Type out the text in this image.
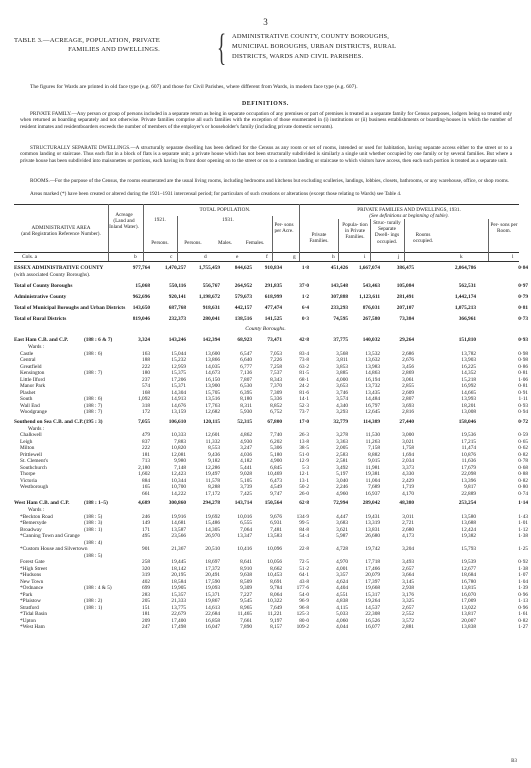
3
TABLE 3.—ACREAGE, POPULATION, PRIVATE
FAMILIES AND DWELLINGS.	{ ADMINISTRATIVE COUNTY, COUNTY BOROUGHS,
MUNICIPAL BOROUGHS, URBAN DISTRICTS, RURAL
DISTRICTS, WARDS AND CIVIL PARISHES.
The figures for Wards are printed in old face type (e.g. 607) and those for Civil Parishes, where different from Wards, in modern face type (e.g. 607).
DEFINITIONS.
PRIVATE FAMILY.—Any person or group of persons included in a separate return as being in separate occupation of any premises or part of premises is treated as a separate family for Census purposes, lodgers being so treated only when returned as boarding separately and not otherwise. Private families comprise all such families with the exception of those enumerated in (i) institutions or (ii) business establishments or boarding-houses in which the number of resident inmates and residentboarders exceeds the number of members of the employer's or householder's family (including private domestic servants).
STRUCTURALLY SEPARATE DWELLINGS.—A structurally separate dwelling has been defined for the Census as any room or set of rooms, intended or used for habitation, having separate access either to the street or to a common landing or staircase. Thus each flat in a block of flats is a separate unit; a private house which has not been structurally subdivided is similarly a single unit whether occupied by one family or by several families. But where a private house has been subdivided into maisonettes or portions, each having its front door opening on to the street or on to a common landing or staircase to which visitors have access, then each such portion is treated as a separate unit.
ROOMS.—For the purpose of the Census, the rooms enumerated are the usual living rooms, including bedrooms and kitchens but excluding sculleries, landings, lobbies, closets, bathrooms, or any warehouse, office, or shop rooms.
Areas marked (*) have been created or altered during the 1921–1931 intercensal period; for particulars of such creations or alterations (except those relating to Wards) see Table 4.
ADMINISTRATIVE AREA
(and Registration Reference Number).
Acreage (Land and Inland Water).
TOTAL POPULATION.
1921.	1931.
Persons.	Persons.	Males.	Females.
Per- sons per Acre.
PRIVATE FAMILIES AND DWELLINGS, 1931.
(See definitions at beginning of table).
Private Families.
Popula- tion in Private Families.
Struc- turally Separate Dwell- ings occupied.
Rooms occupied.
Per- sons per Room.
Cols. a	b	c	d	e	f	g	h	i	j	k	l
ESSEX ADMINISTRATIVE COUNTY	977,764	1,470,257 1,755,459	844,625 910,834	1·8	451,426 1,667,074	386,475	2,064,786	0·84
(with associated County Boroughs).
Total of County Boroughs	15,068	550,116	556,767	264,952 291,835	37·0	143,548	543,463	105,084	562,531	0·97
Administrative County	962,696	920,141 1,198,672	579,673 618,999	1·2	307,888 1,123,611	281,491	1,442,174	0·79
Total of Municipal Boroughs and Urban Districts 143,650	687,768	918,631	442,157 477,474	6·4	233,293	876,031	207,107	1,075,213	0·81
Total of Rural Districts	819,046	232,373	280,041	138,516 141,525	0·3	74,595	267,580	73,384	366,961	0·73
County Boroughs.
East Ham C.B. and C.P.	(188 : 6 & 7)	3,324	143,246	142,394	68,923	73,471	42·8	37,775	140,032	29,264	151,810	0·93
Wards :
Castle	(188 : 6)	163	15,044	13,600	6,547	7,053	83·4	3,568	13,532	2,686	13,782	0·98
Central	188	15,232	13,866	6,640	7,226	73·8	3,811	13,632	2,676	13,903	0·98
Greatfield	222	12,959	14,035	6,777	7,258	63·2	3,853	13,983	3,456	16,225	0·86
Kensington	(188 : 7)	180	15,375	14,673	7,136	7,537	81·5	3,885	14,863	2,869	14,352	0·81
Little Ilford	237	17,206	16,150	7,807	8,343	68·1	4,000	16,194	3,061	15,218	1·06
Manor Park	574	15,371	13,900	6,530	7,370	24·2	3,653	13,732	2,855	16,992	0·81
Plashet	168	14,304	15,705	6,395	7,309	81·6	3,746	13,435	2,609	14,665	0·91
South	(188 : 6)	1,092	14,913	13,516	8,180	5,336	14·1	3,574	14,484	2,807	13,993	1·11
Wall End	(188 : 7)	318	14,676	17,763	8,311	8,852	52·3	4,340	16,797	3,693	18,201	0·93
Woodgrange	(188 : 7)	172	13,159	12,682	5,930	6,752	73·7	3,293	12,645	2,816	13,008	0·94
Southend on Sea C.B. and C.P. (195 : 3)	7,055	106,610	120,115	52,315	67,800	17·0	32,779	114,389	27,440	158,046	0·72
Wards :
Chalkwell	479	10,333	12,601	4,862	7,740	26·3	3,278	11,530	3,000	19,536	0·59
Leigh	837	7,883	11,332	4,930	6,202	13·8	3,363	11,263	3,021	17,215	0·65
Milton	222	10,820	8,553	3,247	5,306	38·5	2,005	7,158	1,758	11,474	0·62
Prittlewell	181	12,081	9,436	4,036	5,180	51·0	2,583	8,882	1,694	10,876	0·82
St. Clement's	713	9,980	9,182	4,182	4,900	12·9	2,581	9,015	2,034	11,636	0·78
Southchurch	2,180	7,148	12,286	5,441	6,845	5·3	3,492	11,981	3,373	17,679	0·68
Thorpe	1,602	12,423	19,497	9,028	10,469	12·1	5,197	19,381	4,330	22,098	0·88
Victoria	884	10,344	11,578	5,105	6,473	13·1	3,040	11,004	2,429	13,396	0·82
Westborough	165	10,700	8,288	3,739	4,549	50·2	2,246	7,689	1,719	9,817	0·80
661	14,222	17,172	7,425	9,747	26·0	4,960	16,937	4,170	22,889	0·74
West Ham C.B. and C.P.	(188 : 1–5)	4,689	300,860	294,278	143,714 150,564	62·8	72,994	289,042	48,380	253,254	1·14
Wards :
*Beckton Road	(188 : 5)	246	19,916	19,692	10,016	9,676	134·9	4,447	19,431	3,011	13,580	1·43
*Bemersyde	(188 : 3)	149	14,681	15,486	6,555	6,931	99·5	3,683	13,319	2,721	13,688	1·01
Broadway	(188 : 1)	171	13,587	14,305	7,064	7,481	84·8	3,621	13,831	2,680	12,424	1·12
*Canning Town and Grange	495	23,566	26,970	13,347	13,583	54·4	5,987	26,680	4,173	19,382	1·38
(188 : 4)
*Custom House and Silvertown	901	21,367	20,510	10,416	10,096	22·8	4,728	19,742	3,204	15,793	1·25
(188 : 5)
Forest Gate	258	19,445	18,697	8,641	10,056	72·5	4,970	17,718	3,493	19,539	0·92
*High Street	320	18,142	17,372	8,910	8,662	51·2	4,001	17,466	2,657	12,677	1·38
*Hudsons	319	20,195	20,491	9,638	10,453	64·1	3,357	20,079	3,664	18,684	1·07
New Town	402	18,584	17,590	8,509	8,691	43·8	4,624	17,397	3,145	16,780	1·04
*Ordnance	(188 : 4 & 5)	699	19,905	19,093	9,309	9,784	177·6	4,404	19,668	2,938	13,815	1·39
*Park	283	15,357	15,371	7,227	8,064	54·0	4,551	15,317	3,176	16,070	0·96
*Plaistow	(188 : 2)	205	21,333	19,867	9,545	10,322	96·9	4,838	19,264	3,325	17,009	1·13
Stratford	(188 : 1)	151	13,775	14,613	8,965	7,649	96·8	4,115	14,537	2,657	13,022	0·96
*Tidal Basin	181	22,679	22,684	11,465	11,221	125·3	5,033	22,308	2,552	13,817	1·61
*Upton	209	17,400	16,858	7,661	9,197	80·0	4,060	16,526	3,572	20,007	0·82
*West Ham	247	17,498	16,047	7,890	8,157	109·2	4,044	16,077	2,881	13,838	1·27
B3
